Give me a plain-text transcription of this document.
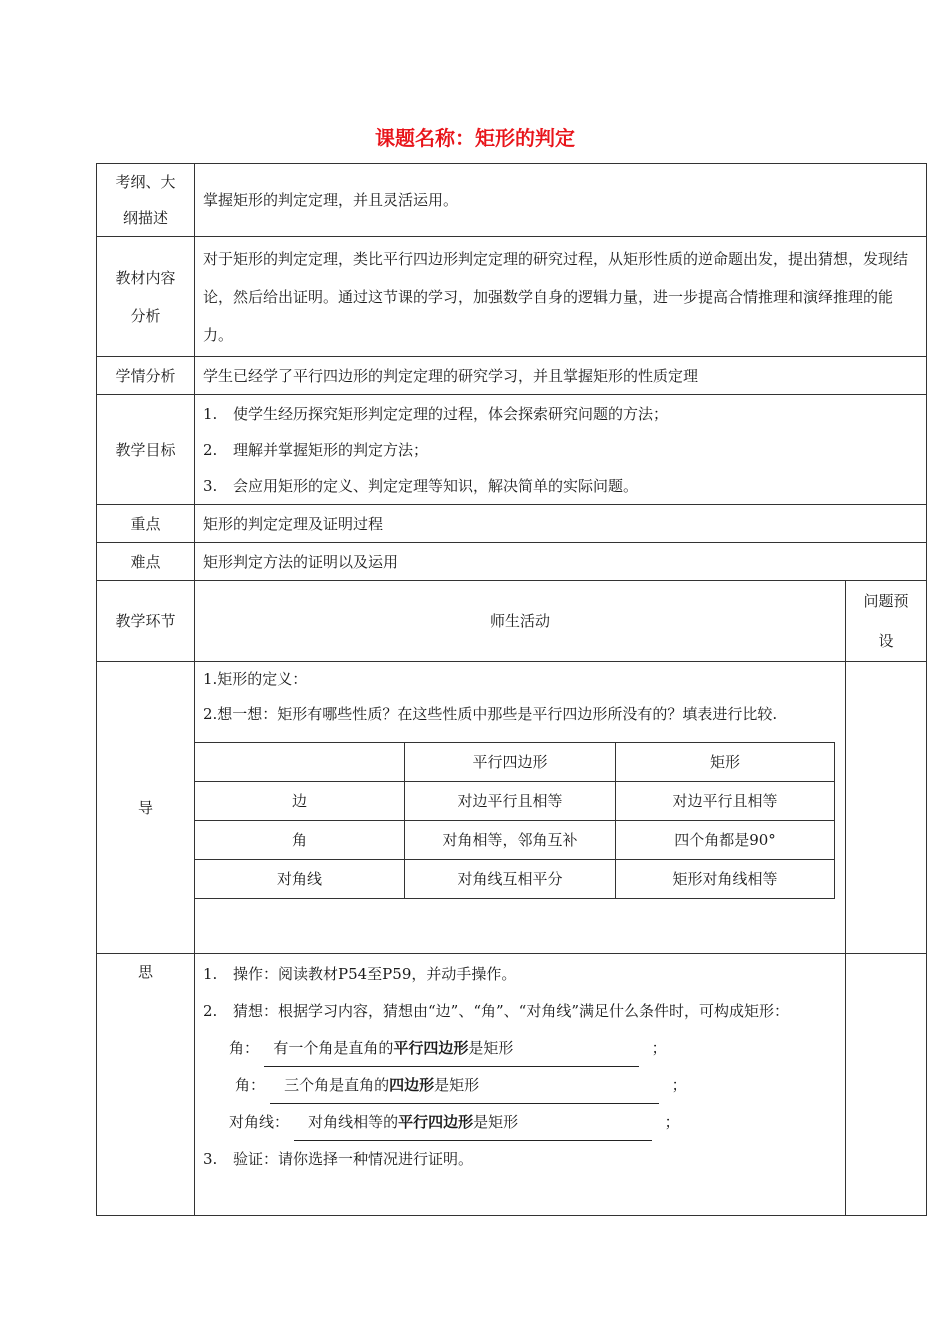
课题名称：矩形的判定
考纲、大
纲描述
	掌握矩形的判定定理，并且灵活运用。

教材内容
分析
	对于矩形的判定定理，类比平行四边形判定定理的研究过程，从矩形性质的逆命题出发，提出猜想，发现结论，然后给出证明。通过这节课的学习，加强数学自身的逻辑力量，进一步提高合情推理和演绎推理的能力。
学情分析	学生已经学了平行四边形的判定定理的研究学习，并且掌握矩形的性质定理
教学目标	
1.	使学生经历探究矩形判定定理的过程，体会探索研究问题的方法；
2.	理解并掌握矩形的判定方法；
3.	会应用矩形的定义、判定定理等知识，解决简单的实际问题。

重点	矩形的判定定理及证明过程
难点	矩形判定方法的证明以及运用
教学环节	师生活动	
问题预
设

导	
1.矩形的定义：
2.想一想：矩形有哪些性质？在这些性质中那些是平行四边形所没有的？填表进行比较.
	平行四边形	矩形
边	对边平行且相等	对边平行且相等
角	对角相等，邻角互补	四个角都是90°
对角线	对角线互相平分	矩形对角线相等

思	1.	操作：阅读教材P54至P59，并动手操作。
2.	猜想：根据学习内容，猜想由“边”、“角”、“对角线”满足什么条件时，可构成矩形：
角： 有一个角是直角的平行四边形是矩形	；
角： 三个角是直角的四边形是矩形	；
对角线： 对角线相等的平行四边形是矩形	；
3.	验证：请你选择一种情况进行证明。
